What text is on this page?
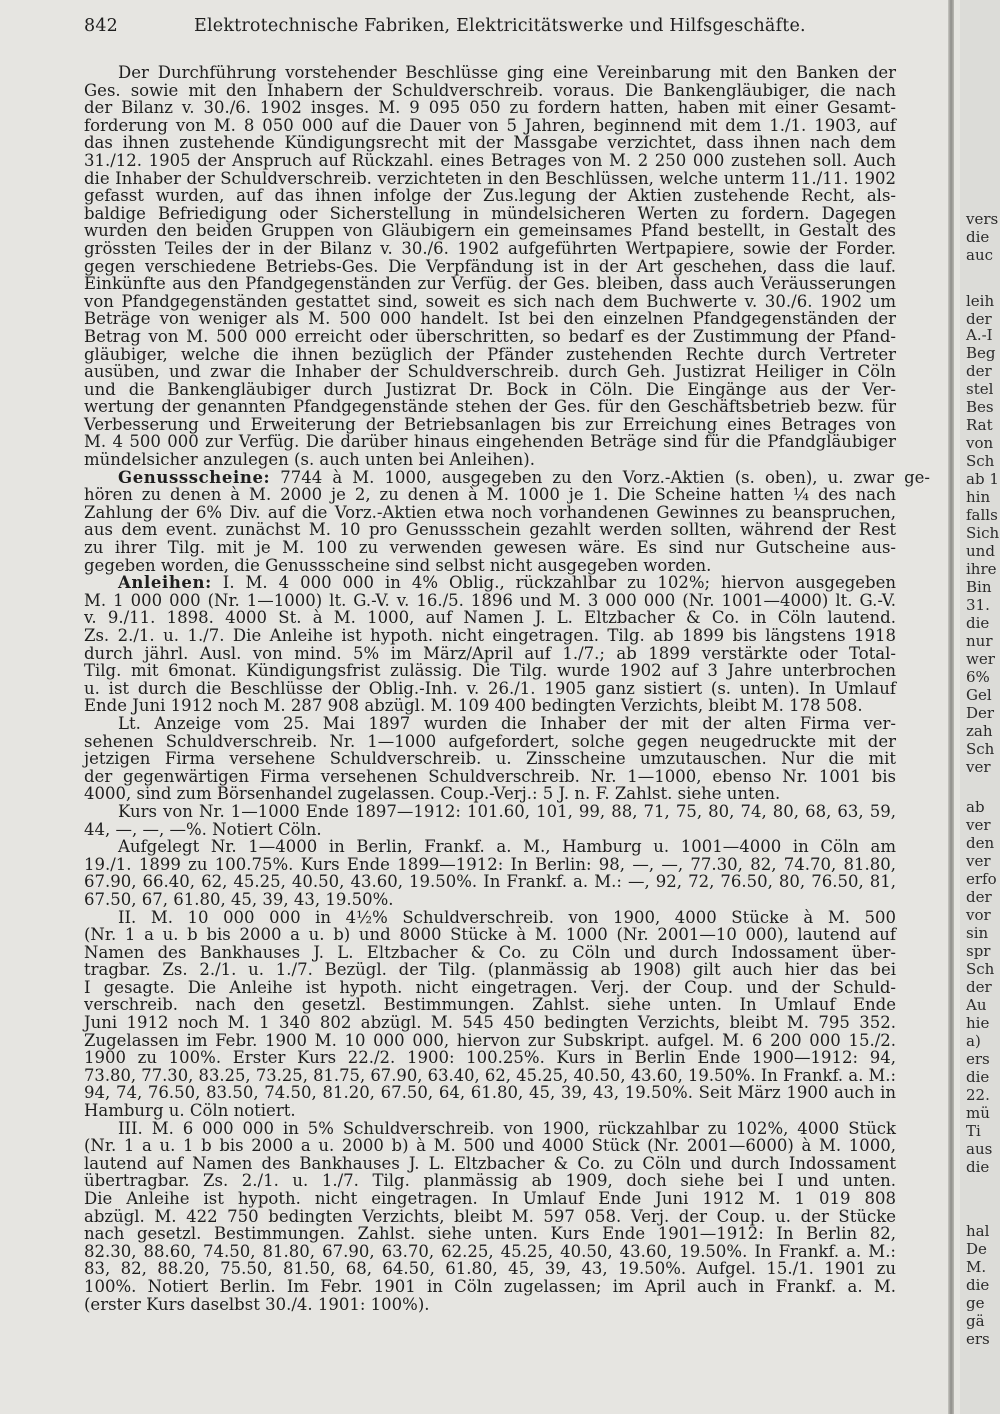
842	Elektrotechnische Fabriken, Elektricitätswerke und Hilfsgeschäfte.
Der Durchführung vorstehender Beschlüsse ging eine Vereinbarung mit den Banken der
Ges. sowie mit den Inhabern der Schuldverschreib. voraus. Die Bankengläubiger, die nach
der Bilanz v. 30./6. 1902 insges. M. 9 095 050 zu fordern hatten, haben mit einer Gesamt-
forderung von M. 8 050 000 auf die Dauer von 5 Jahren, beginnend mit dem 1./1. 1903, auf
das ihnen zustehende Kündigungsrecht mit der Massgabe verzichtet, dass ihnen nach dem
31./12. 1905 der Anspruch auf Rückzahl. eines Betrages von M. 2 250 000 zustehen soll. Auch
die Inhaber der Schuldverschreib. verzichteten in den Beschlüssen, welche unterm 11./11. 1902
gefasst wurden, auf das ihnen infolge der Zus.legung der Aktien zustehende Recht, als-
baldige Befriedigung oder Sicherstellung in mündelsicheren Werten zu fordern. Dagegen
wurden den beiden Gruppen von Gläubigern ein gemeinsames Pfand bestellt, in Gestalt des
grössten Teiles der in der Bilanz v. 30./6. 1902 aufgeführten Wertpapiere, sowie der Forder.
gegen verschiedene Betriebs-Ges. Die Verpfändung ist in der Art geschehen, dass die lauf.
Einkünfte aus den Pfandgegenständen zur Verfüg. der Ges. bleiben, dass auch Veräusserungen
von Pfandgegenständen gestattet sind, soweit es sich nach dem Buchwerte v. 30./6. 1902 um
Beträge von weniger als M. 500 000 handelt. Ist bei den einzelnen Pfandgegenständen der
Betrag von M. 500 000 erreicht oder überschritten, so bedarf es der Zustimmung der Pfand-
gläubiger, welche die ihnen bezüglich der Pfänder zustehenden Rechte durch Vertreter
ausüben, und zwar die Inhaber der Schuldverschreib. durch Geh. Justizrat Heiliger in Cöln
und die Bankengläubiger durch Justizrat Dr. Bock in Cöln. Die Eingänge aus der Ver-
wertung der genannten Pfandgegenstände stehen der Ges. für den Geschäftsbetrieb bezw. für
Verbesserung und Erweiterung der Betriebsanlagen bis zur Erreichung eines Betrages von
M. 4 500 000 zur Verfüg. Die darüber hinaus eingehenden Beträge sind für die Pfandgläubiger
mündelsicher anzulegen (s. auch unten bei Anleihen).
Genussscheine: 7744 à M. 1000, ausgegeben zu den Vorz.-Aktien (s. oben), u. zwar ge-
hören zu denen à M. 2000 je 2, zu denen à M. 1000 je 1. Die Scheine hatten ¼ des nach
Zahlung der 6% Div. auf die Vorz.-Aktien etwa noch vorhandenen Gewinnes zu beanspruchen,
aus dem event. zunächst M. 10 pro Genussschein gezahlt werden sollten, während der Rest
zu ihrer Tilg. mit je M. 100 zu verwenden gewesen wäre. Es sind nur Gutscheine aus-
gegeben worden, die Genussscheine sind selbst nicht ausgegeben worden.
Anleihen: I. M. 4 000 000 in 4% Oblig., rückzahlbar zu 102%; hiervon ausgegeben
M. 1 000 000 (Nr. 1—1000) lt. G.-V. v. 16./5. 1896 und M. 3 000 000 (Nr. 1001—4000) lt. G.-V.
v. 9./11. 1898. 4000 St. à M. 1000, auf Namen J. L. Eltzbacher & Co. in Cöln lautend.
Zs. 2./1. u. 1./7. Die Anleihe ist hypoth. nicht eingetragen. Tilg. ab 1899 bis längstens 1918
durch jährl. Ausl. von mind. 5% im März/April auf 1./7.; ab 1899 verstärkte oder Total-
Tilg. mit 6monat. Kündigungsfrist zulässig. Die Tilg. wurde 1902 auf 3 Jahre unterbrochen
u. ist durch die Beschlüsse der Oblig.-Inh. v. 26./1. 1905 ganz sistiert (s. unten). In Umlauf
Ende Juni 1912 noch M. 287 908 abzügl. M. 109 400 bedingten Verzichts, bleibt M. 178 508.
Lt. Anzeige vom 25. Mai 1897 wurden die Inhaber der mit der alten Firma ver-
sehenen Schuldverschreib. Nr. 1—1000 aufgefordert, solche gegen neugedruckte mit der
jetzigen Firma versehene Schuldverschreib. u. Zinsscheine umzutauschen. Nur die mit
der gegenwärtigen Firma versehenen Schuldverschreib. Nr. 1—1000, ebenso Nr. 1001 bis
4000, sind zum Börsenhandel zugelassen. Coup.-Verj.: 5 J. n. F. Zahlst. siehe unten.
Kurs von Nr. 1—1000 Ende 1897—1912: 101.60, 101, 99, 88, 71, 75, 80, 74, 80, 68, 63, 59,
44, —, —, —%. Notiert Cöln.
Aufgelegt Nr. 1—4000 in Berlin, Frankf. a. M., Hamburg u. 1001—4000 in Cöln am
19./1. 1899 zu 100.75%. Kurs Ende 1899—1912: In Berlin: 98, —, —, 77.30, 82, 74.70, 81.80,
67.90, 66.40, 62, 45.25, 40.50, 43.60, 19.50%. In Frankf. a. M.: —, 92, 72, 76.50, 80, 76.50, 81,
67.50, 67, 61.80, 45, 39, 43, 19.50%.
II. M. 10 000 000 in 4½% Schuldverschreib. von 1900, 4000 Stücke à M. 500
(Nr. 1 a u. b bis 2000 a u. b) und 8000 Stücke à M. 1000 (Nr. 2001—10 000), lautend auf
Namen des Bankhauses J. L. Eltzbacher & Co. zu Cöln und durch Indossament über-
tragbar. Zs. 2./1. u. 1./7. Bezügl. der Tilg. (planmässig ab 1908) gilt auch hier das bei
I gesagte. Die Anleihe ist hypoth. nicht eingetragen. Verj. der Coup. und der Schuld-
verschreib. nach den gesetzl. Bestimmungen. Zahlst. siehe unten. In Umlauf Ende
Juni 1912 noch M. 1 340 802 abzügl. M. 545 450 bedingten Verzichts, bleibt M. 795 352.
Zugelassen im Febr. 1900 M. 10 000 000, hiervon zur Subskript. aufgel. M. 6 200 000 15./2.
1900 zu 100%. Erster Kurs 22./2. 1900: 100.25%. Kurs in Berlin Ende 1900—1912: 94,
73.80, 77.30, 83.25, 73.25, 81.75, 67.90, 63.40, 62, 45.25, 40.50, 43.60, 19.50%. In Frankf. a. M.:
94, 74, 76.50, 83.50, 74.50, 81.20, 67.50, 64, 61.80, 45, 39, 43, 19.50%. Seit März 1900 auch in
Hamburg u. Cöln notiert.
III. M. 6 000 000 in 5% Schuldverschreib. von 1900, rückzahlbar zu 102%, 4000 Stück
(Nr. 1 a u. 1 b bis 2000 a u. 2000 b) à M. 500 und 4000 Stück (Nr. 2001—6000) à M. 1000,
lautend auf Namen des Bankhauses J. L. Eltzbacher & Co. zu Cöln und durch Indossament
übertragbar. Zs. 2./1. u. 1./7. Tilg. planmässig ab 1909, doch siehe bei I und unten.
Die Anleihe ist hypoth. nicht eingetragen. In Umlauf Ende Juni 1912 M. 1 019 808
abzügl. M. 422 750 bedingten Verzichts, bleibt M. 597 058. Verj. der Coup. u. der Stücke
nach gesetzl. Bestimmungen. Zahlst. siehe unten. Kurs Ende 1901—1912: In Berlin 82,
82.30, 88.60, 74.50, 81.80, 67.90, 63.70, 62.25, 45.25, 40.50, 43.60, 19.50%. In Frankf. a. M.:
83, 82, 88.20, 75.50, 81.50, 68, 64.50, 61.80, 45, 39, 43, 19.50%. Aufgel. 15./1. 1901 zu
100%. Notiert Berlin. Im Febr. 1901 in Cöln zugelassen; im April auch in Frankf. a. M.
(erster Kurs daselbst 30./4. 1901: 100%).
vers
die
auc
leih
der
A.-I
Beg
der
stel
Bes
Rat
von
Sch
ab 1
hin
falls
Sich
und
ihre
Bin
31.
die
nur
wer
6%
Gel
Der
zah
Sch
ver
ab
ver
den
ver
erfo
der
vor
sin
spr
Sch
der
Au
hie
a)
ers
die
22.
mü
Ti
aus
die
hal
De
M.
die
ge
gä
ers
